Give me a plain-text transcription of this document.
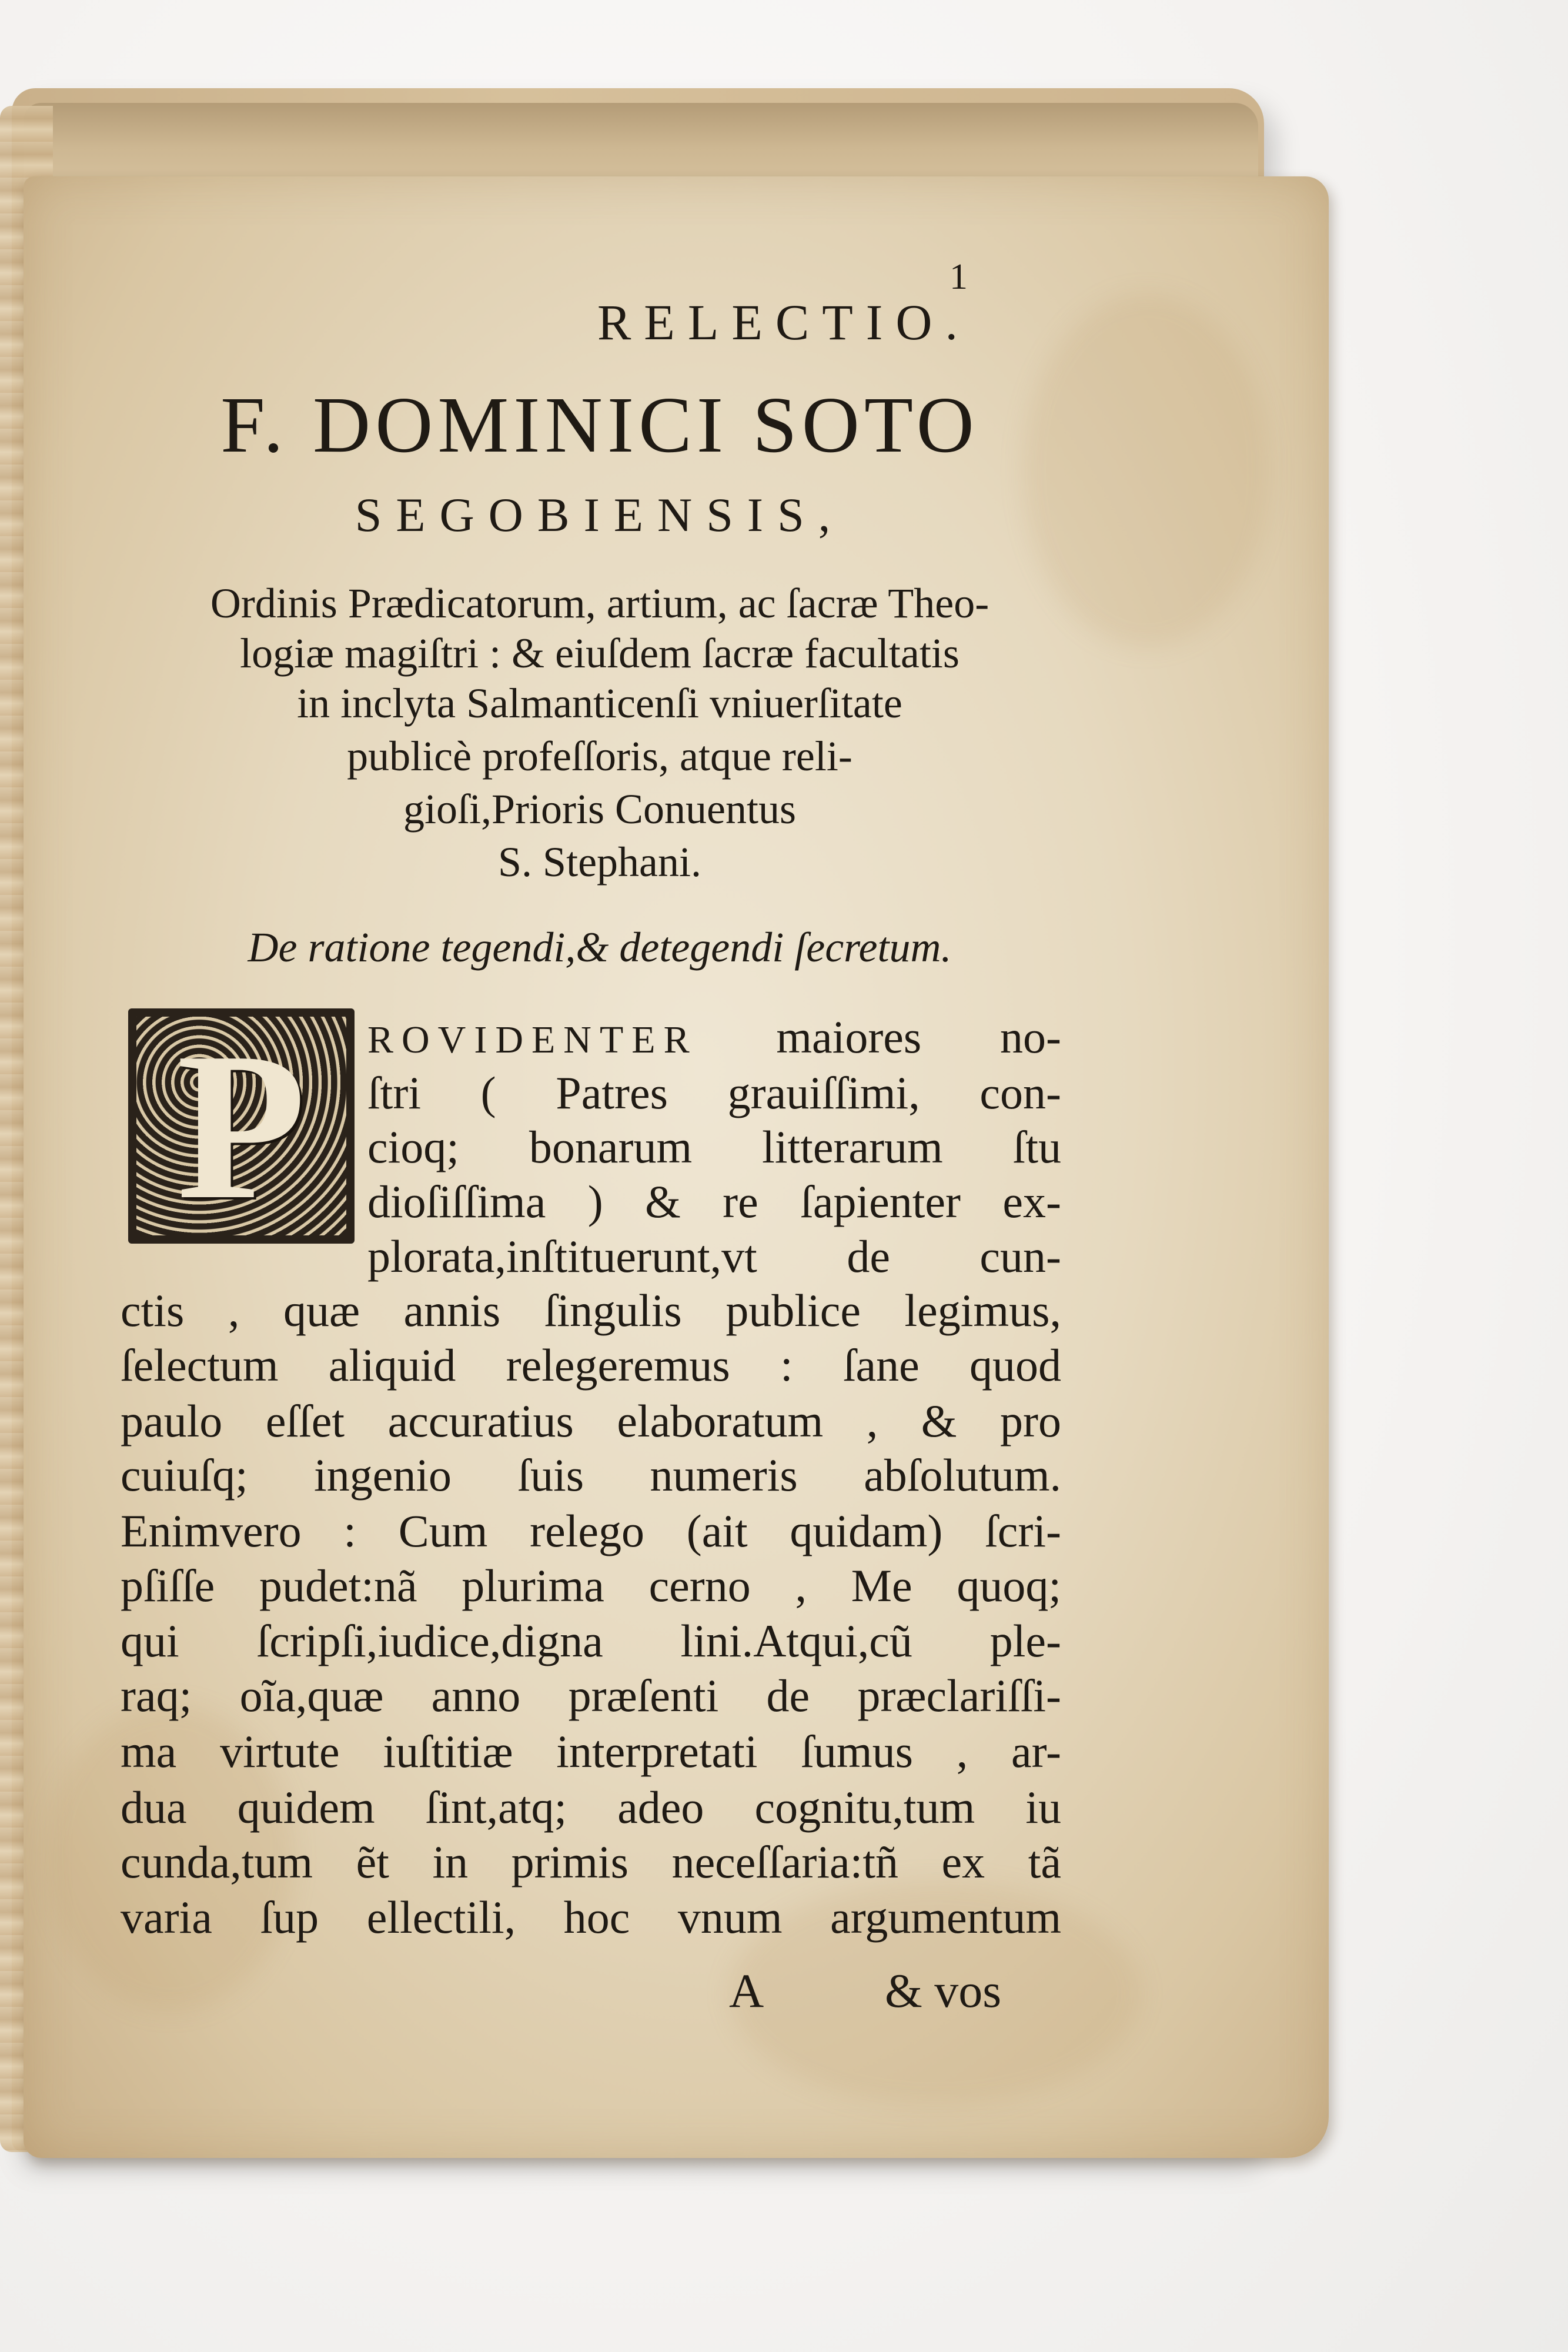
1
RELECTIO.
F. DOMINICI SOTO
SEGOBIENSIS,
Ordinis Prædicatorum, artium, ac ſacræ Theo-
logiæ magiſtri : & eiuſdem ſacræ facultatis
in inclyta Salmanticenſi vniuerſitate
publicè profeſſoris, atque reli-
gioſi,Prioris Conuentus
S. Stephani.
De ratione tegendi,& detegendi ſecretum.
P	ROVIDENTER maiores no-
ſtri ( Patres grauiſſimi, con-
cioq; bonarum litterarum ſtu
dioſiſſima ) & re ſapienter ex-
plorata,inſtituerunt,vt de cun-
ctis , quæ annis ſingulis publice legimus,
ſelectum aliquid relegeremus : ſane quod
paulo eſſet accuratius elaboratum , & pro
cuiuſq; ingenio ſuis numeris abſolutum.
Enimvero : Cum relego (ait quidam) ſcri-
pſiſſe pudet:nã plurima cerno , Me quoq;
qui ſcripſi,iudice,digna lini.Atqui,cũ ple-
raq; oĩa,quæ anno præſenti de præclariſſi-
ma virtute iuſtitiæ interpretati ſumus , ar-
dua quidem ſint,atq; adeo cognitu,tum iu
cunda,tum ẽt in primis neceſſaria:tñ ex tã
varia ſup ellectili, hoc vnum argumentum
A	& vos
